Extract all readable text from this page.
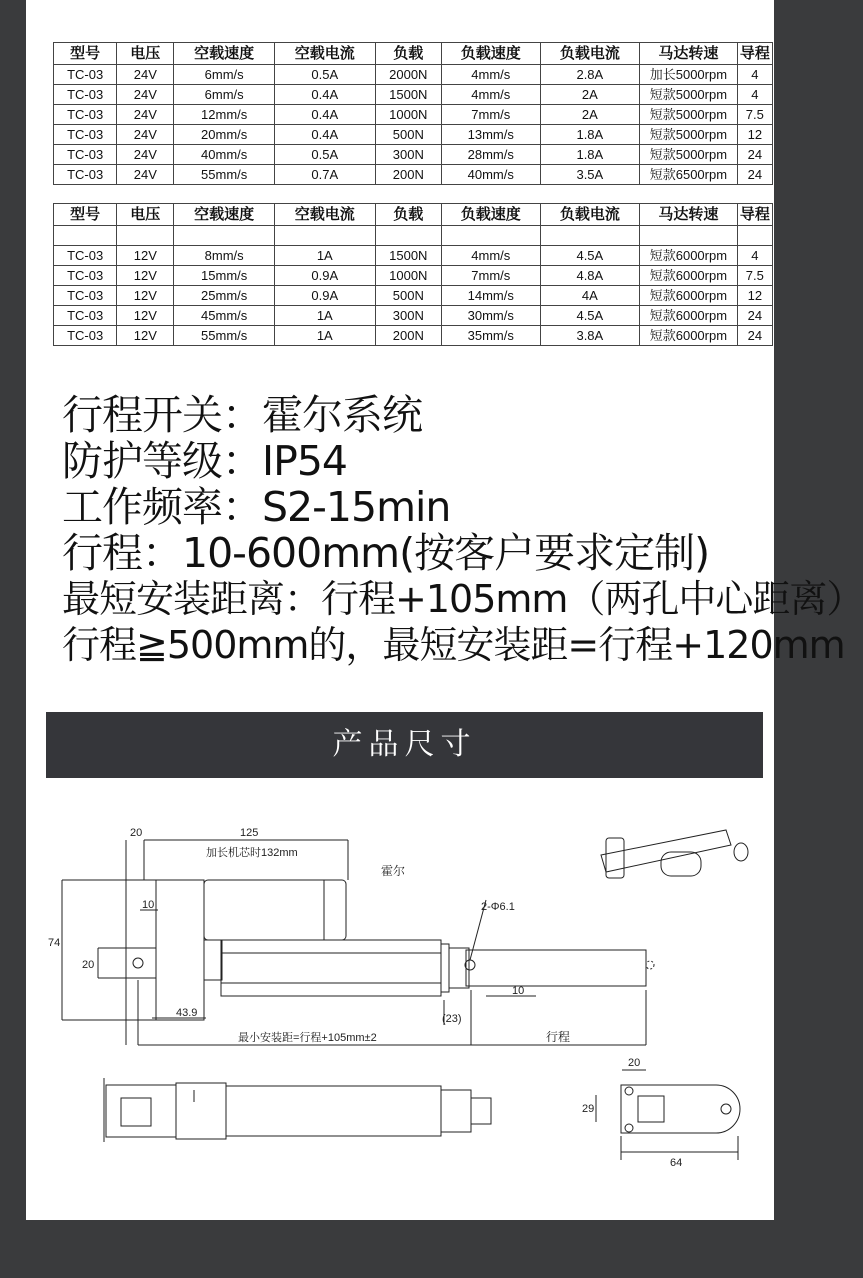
型号	电压	空载速度	空载电流	负载	负载速度	负载电流	马达转速	导程
TC-03	24V	6mm/s	0.5A	2000N	4mm/s	2.8A	加长5000rpm	4
TC-03	24V	6mm/s	0.4A	1500N	4mm/s	2A	短款5000rpm	4
TC-03	24V	12mm/s	0.4A	1000N	7mm/s	2A	短款5000rpm	7.5
TC-03	24V	20mm/s	0.4A	500N	13mm/s	1.8A	短款5000rpm	12
TC-03	24V	40mm/s	0.5A	300N	28mm/s	1.8A	短款5000rpm	24
TC-03	24V	55mm/s	0.7A	200N	40mm/s	3.5A	短款6500rpm	24
型号	电压	空载速度	空载电流	负载	负载速度	负载电流	马达转速	导程

TC-03	12V	8mm/s	1A	1500N	4mm/s	4.5A	短款6000rpm	4
TC-03	12V	15mm/s	0.9A	1000N	7mm/s	4.8A	短款6000rpm	7.5
TC-03	12V	25mm/s	0.9A	500N	14mm/s	4A	短款6000rpm	12
TC-03	12V	45mm/s	1A	300N	30mm/s	4.5A	短款6000rpm	24
TC-03	12V	55mm/s	1A	200N	35mm/s	3.8A	短款6000rpm	24
行程开关：霍尔系统
防护等级：IP54
工作频率：S2-15min
行程：10-600mm(按客户要求定制)
最短安装距离：行程+105mm（两孔中心距离）
行程≧500mm的，最短安装距=行程+120mm
产品尺寸
20	125
加长机芯时132mm
霍尔
10
74
20
2-Φ6.1
10
43.9	(23)
最小安装距=行程+105mm±2	行程
20
29
64
